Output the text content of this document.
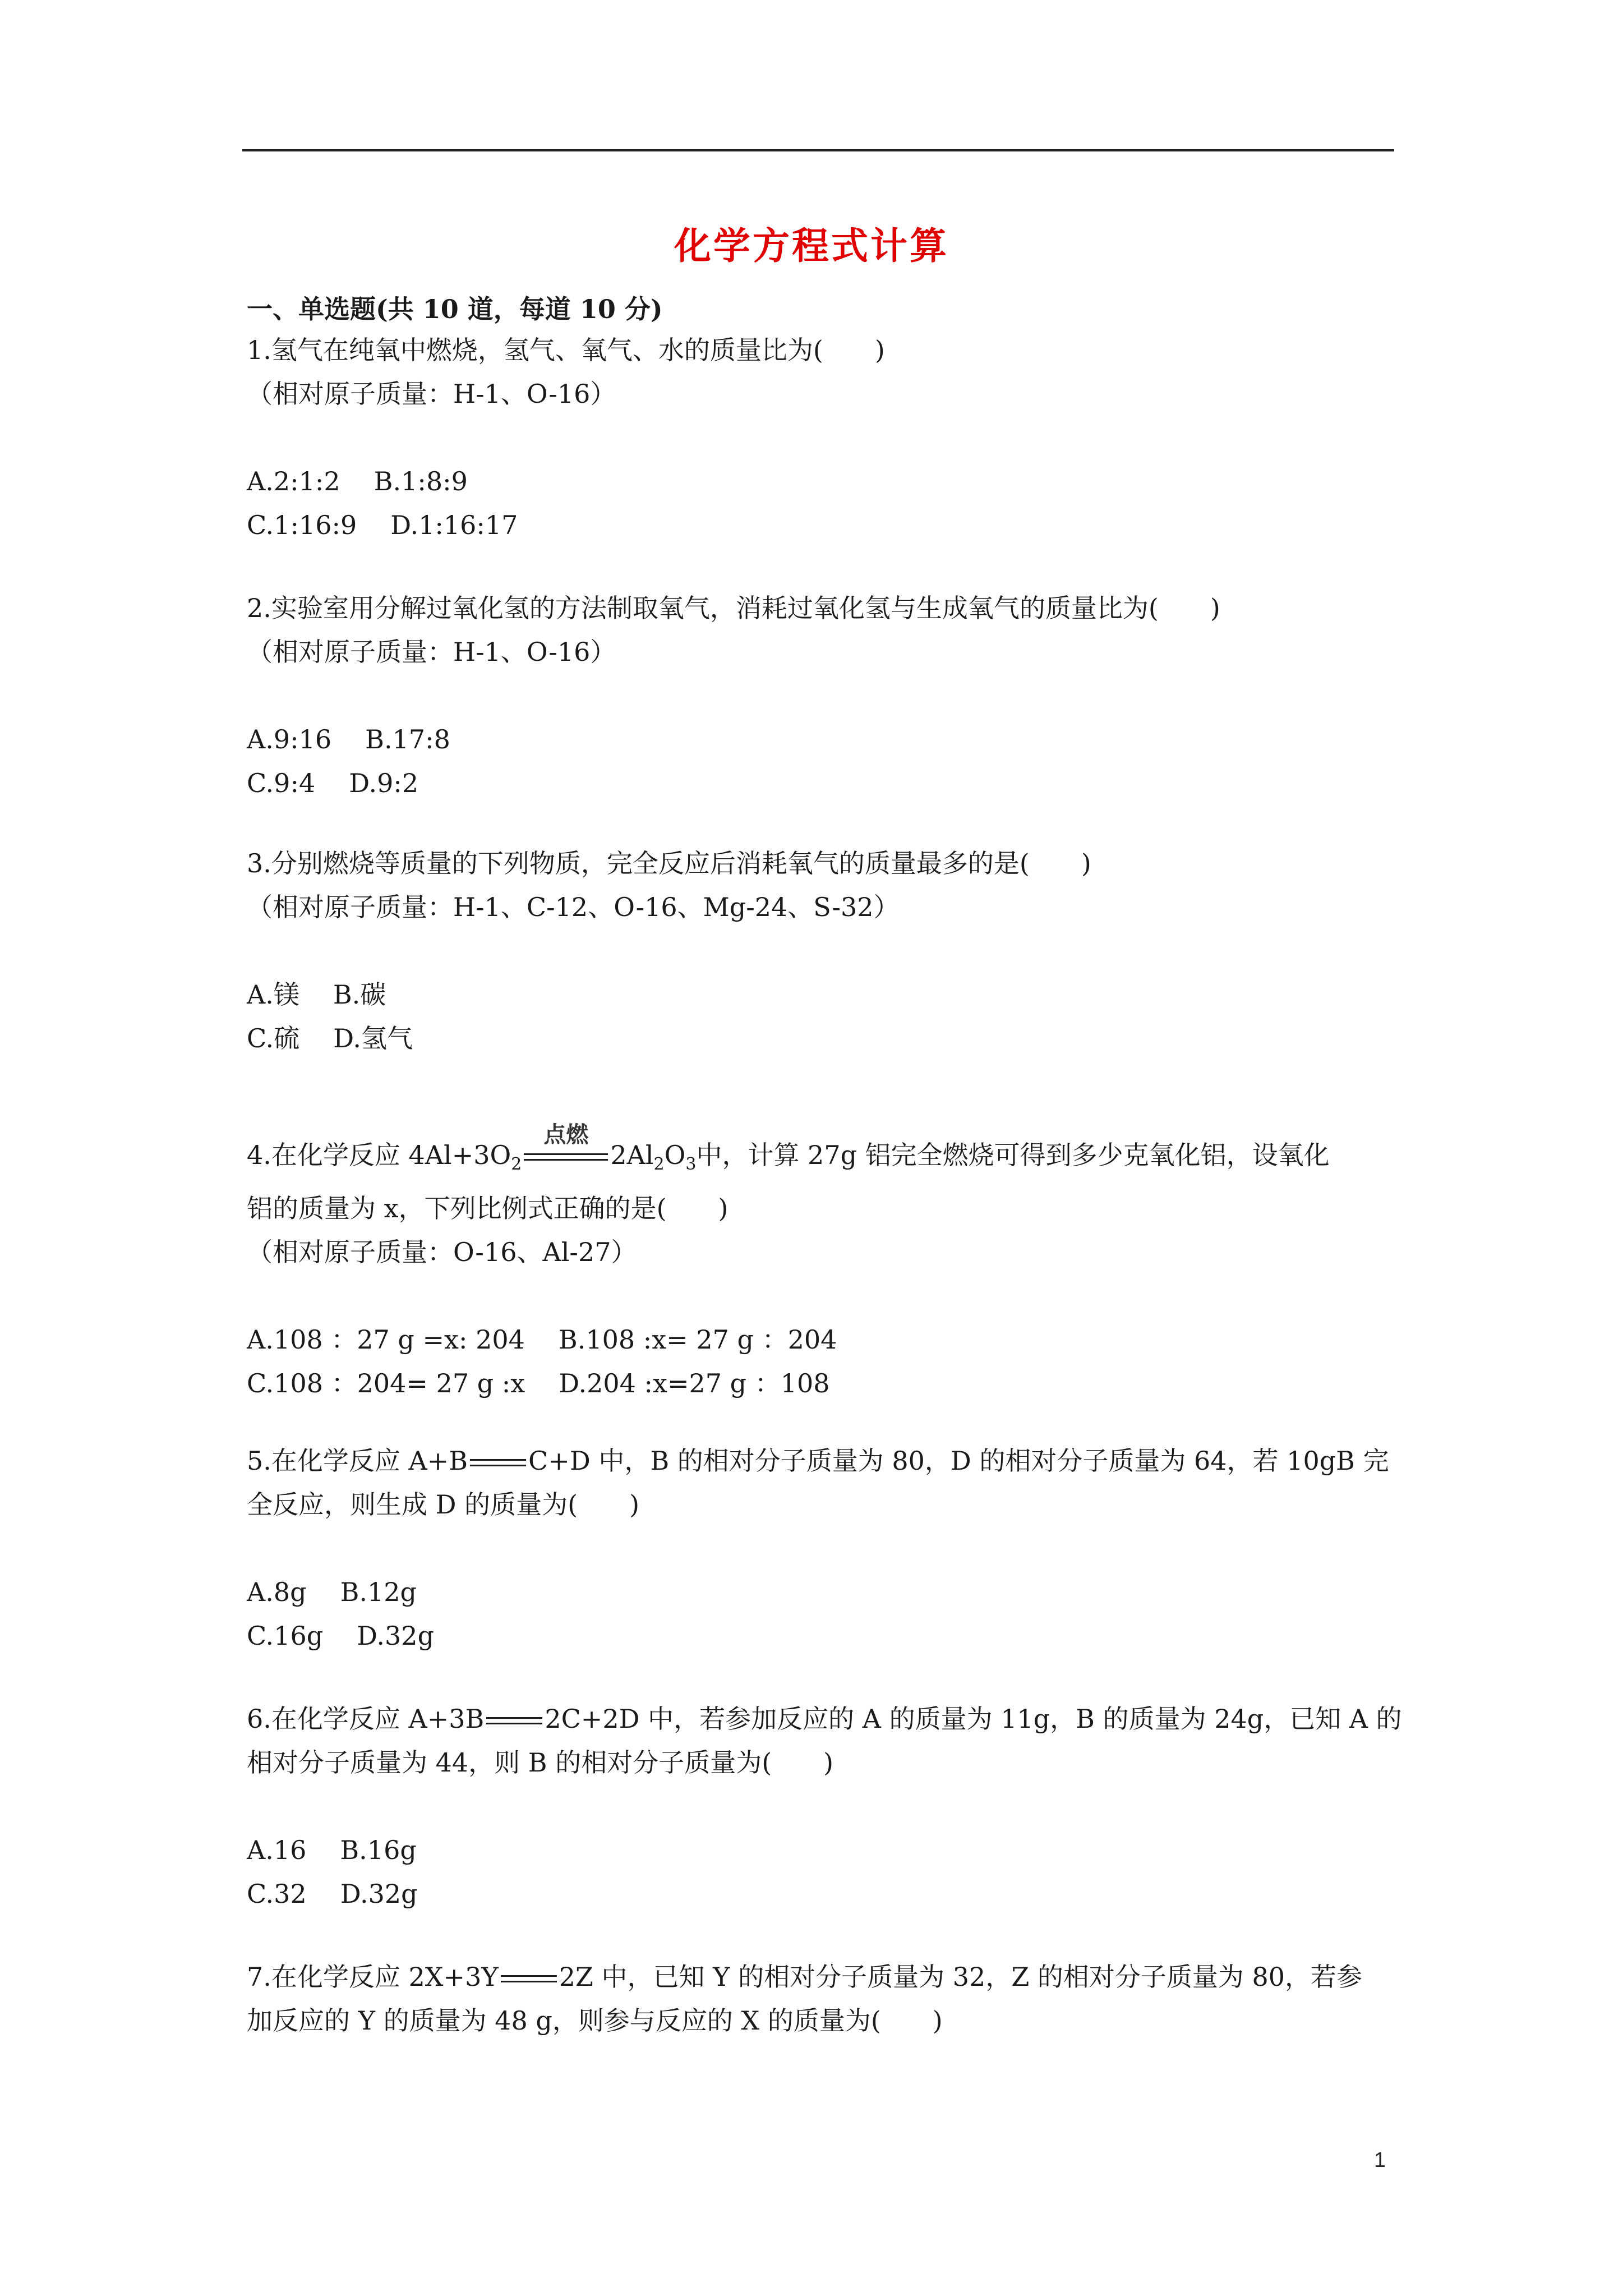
化学方程式计算
一、单选题(共 10 道，每道 10 分)
1.氢气在纯氧中燃烧，氢气、氧气、水的质量比为(　　)
（相对原子质量：H-1、O-16）
A.2:1:2 B.1:8:9
C.1:16:9 D.1:16:17
2.实验室用分解过氧化氢的方法制取氧气，消耗过氧化氢与生成氧气的质量比为(　　)
（相对原子质量：H-1、O-16）
A.9:16 B.17:8
C.9:4 D.9:2
3.分别燃烧等质量的下列物质，完全反应后消耗氧气的质量最多的是(　　)
（相对原子质量：H-1、C-12、O-16、Mg-24、S-32）
A.镁 B.碳
C.硫 D.氢气
4.在化学反应 $4Al+3O_2$
点燃
$2Al_2O_3$中，计算 27g 铝完全燃烧可得到多少克氧化铝，设氧化
铝的质量为 x，下列比例式正确的是(　　)
（相对原子质量：O-16、Al-27）
A.108 ：27 g =x: 204 B.108 :x= 27 g ：204
C.108 ：204= 27 g :x D.204 :x=27 g ：108
5.在化学反应 A+B C+D 中，B 的相对分子质量为 80，D 的相对分子质量为 64，若 10gB 完
全反应，则生成 D 的质量为(　　)
A.8g B.12g
C.16g D.32g
6.在化学反应 A+3B 2C+2D 中，若参加反应的 A 的质量为 11g，B 的质量为 24g，已知 A 的
相对分子质量为 44，则 B 的相对分子质量为(　　)
A.16 B.16g
C.32 D.32g
7.在化学反应 2X+3Y 2Z 中，已知 Y 的相对分子质量为 32，Z 的相对分子质量为 80，若参
加反应的 Y 的质量为 48 g，则参与反应的 X 的质量为(　　)
1
